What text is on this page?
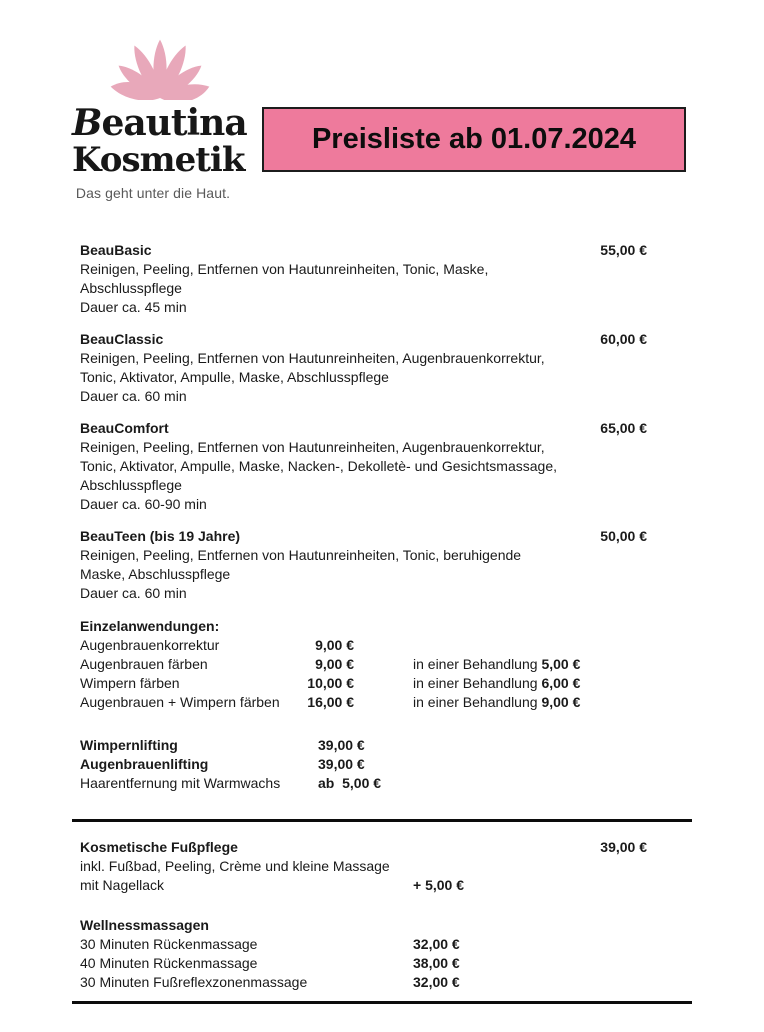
Beautina
Kosmetik
Das geht unter die Haut.
Preisliste ab 01.07.2024
BeauBasic	55,00 €
Reinigen, Peeling, Entfernen von Hautunreinheiten, Tonic, Maske,
Abschlusspflege
Dauer ca. 45 min
BeauClassic	60,00 €
Reinigen, Peeling, Entfernen von Hautunreinheiten, Augenbrauenkorrektur,
Tonic, Aktivator, Ampulle, Maske, Abschlusspflege
Dauer ca. 60 min
BeauComfort	65,00 €
Reinigen, Peeling, Entfernen von Hautunreinheiten, Augenbrauenkorrektur,
Tonic, Aktivator, Ampulle, Maske, Nacken-, Dekolletè- und Gesichtsmassage,
Abschlusspflege
Dauer ca. 60-90 min
BeauTeen (bis 19 Jahre)	50,00 €
Reinigen, Peeling, Entfernen von Hautunreinheiten, Tonic, beruhigende
Maske, Abschlusspflege
Dauer ca. 60 min
Einzelanwendungen:
Augenbrauenkorrektur	9,00 €
Augenbrauen färben	9,00 €	in einer Behandlung 5,00 €
Wimpern färben	10,00 €	in einer Behandlung 6,00 €
Augenbrauen + Wimpern färben	16,00 €	in einer Behandlung 9,00 €
Wimpernlifting	39,00 €
Augenbrauenlifting	39,00 €
Haarentfernung mit Warmwachs	ab  5,00 €
Kosmetische Fußpflege	39,00 €
inkl. Fußbad, Peeling, Crème und kleine Massage
mit Nagellack	+ 5,00 €
Wellnessmassagen
30 Minuten Rückenmassage	32,00 €
40 Minuten Rückenmassage	38,00 €
30 Minuten Fußreflexzonenmassage	32,00 €
